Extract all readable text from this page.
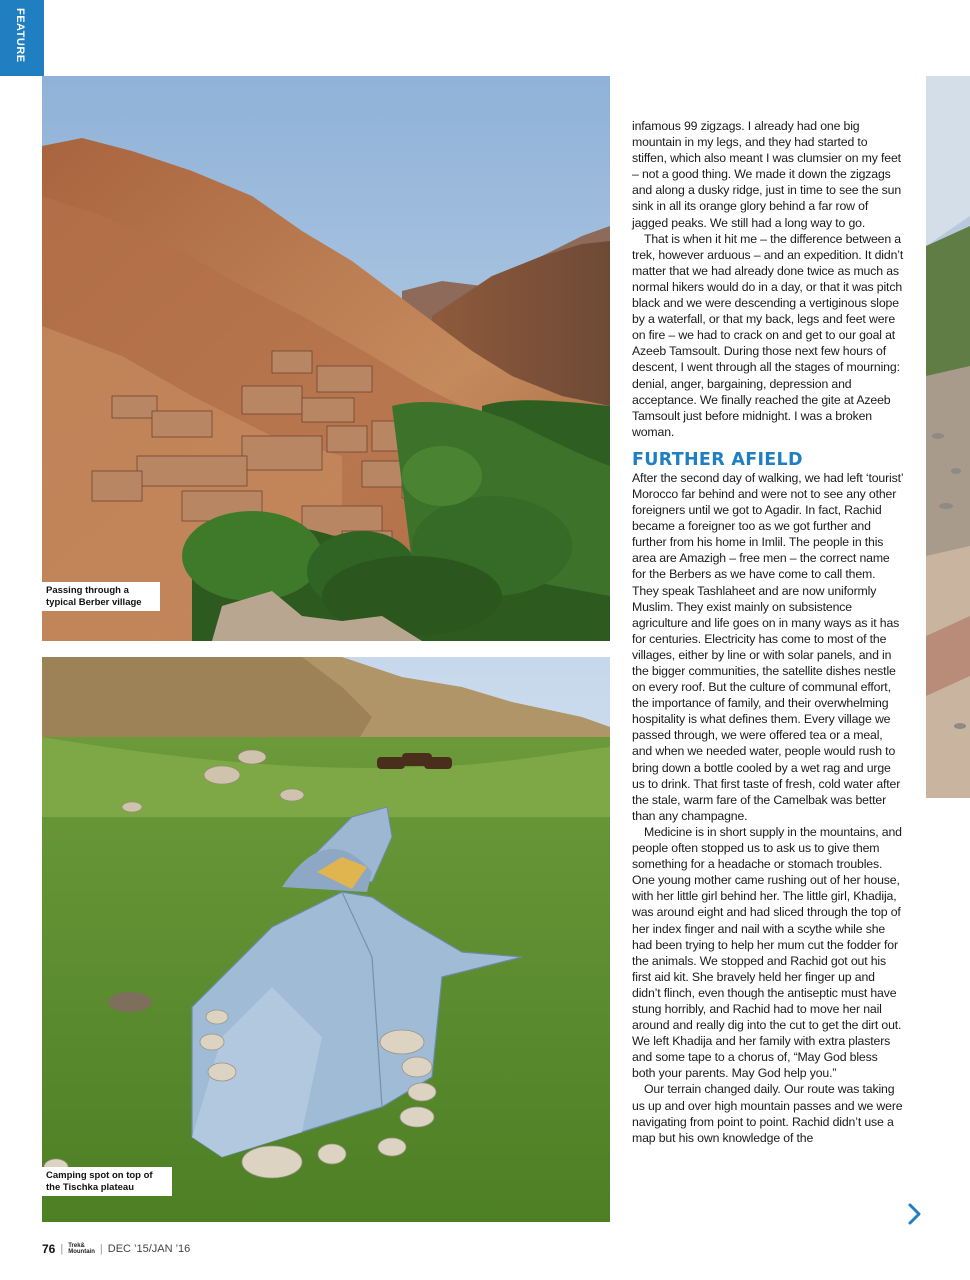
FEATURE
Passing through a typical Berber village
Camping spot on top of the Tischka plateau

infamous 99 zigzags. I already had one big mountain in my legs, and they had started to stiffen, which also meant I was clumsier on my feet – not a good thing. We made it down the zigzags and along a dusky ridge, just in time to see the sun sink in all its orange glory behind a far row of jagged peaks. We still had a long way to go.

That is when it hit me – the difference between a trek, however arduous – and an expedition. It didn’t matter that we had already done twice as much as normal hikers would do in a day, or that it was pitch black and we were descending a vertiginous slope by a waterfall, or that my back, legs and feet were on fire – we had to crack on and get to our goal at Azeeb Tamsoult. During those next few hours of descent, I went through all the stages of mourning: denial, anger, bargaining, depression and acceptance. We finally reached the gite at Azeeb Tamsoult just before midnight. I was a broken woman.

FURTHER AFIELD

After the second day of walking, we had left ‘tourist’ Morocco far behind and were not to see any other foreigners until we got to Agadir. In fact, Rachid became a foreigner too as we got further and further from his home in Imlil. The people in this area are Amazigh – free men – the correct name for the Berbers as we have come to call them. They speak Tashlaheet and are now uniformly Muslim. They exist mainly on subsistence agriculture and life goes on in many ways as it has for centuries. Electricity has come to most of the villages, either by line or with solar panels, and in the bigger communities, the satellite dishes nestle on every roof. But the culture of communal effort, the importance of family, and their overwhelming hospitality is what defines them. Every village we passed through, we were offered tea or a meal, and when we needed water, people would rush to bring down a bottle cooled by a wet rag and urge us to drink. That first taste of fresh, cold water after the stale, warm fare of the Camelbak was better than any champagne.

Medicine is in short supply in the mountains, and people often stopped us to ask us to give them something for a headache or stomach troubles. One young mother came rushing out of her house, with her little girl behind her. The little girl, Khadija, was around eight and had sliced through the top of her index finger and nail with a scythe while she had been trying to help her mum cut the fodder for the animals. We stopped and Rachid got out his first aid kit. She bravely held her finger up and didn’t flinch, even though the antiseptic must have stung horribly, and Rachid had to move her nail around and really dig into the cut to get the dirt out. We left Khadija and her family with extra plasters and some tape to a chorus of, “May God bless both your parents. May God help you.”

Our terrain changed daily. Our route was taking us up and over high mountain passes and we were navigating from point to point. Rachid didn’t use a map but his own knowledge of the

76 | Trek&
Mountain | DEC ’15/JAN ’16
